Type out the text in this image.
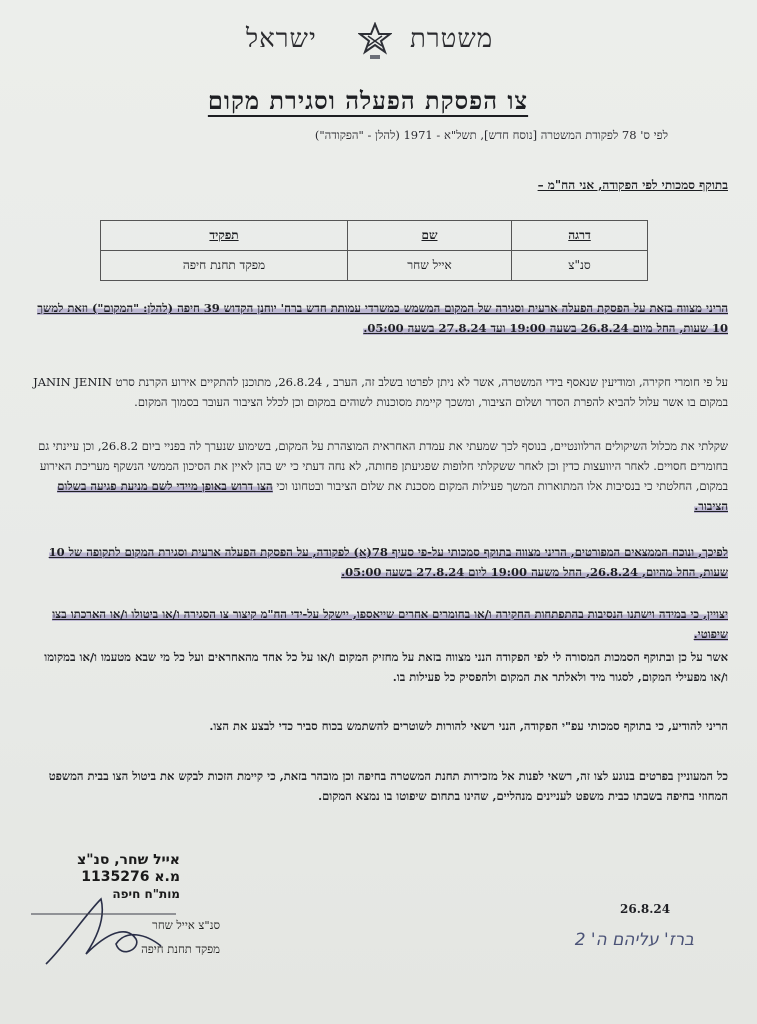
משטרת
ישראל
צו הפסקת הפעלה וסגירת מקום
לפי ס' 78 לפקודת המשטרה [נוסח חדש], תשל"א - 1971 (להלן - "הפקודה")
בתוקף סמכותי לפי הפקודה, אני הח"מ –
דרגה	שם	תפקיד
סנ"צ	אייל שחר	מפקד תחנת חיפה
הריני מצווה בזאת על הפסקת הפעלה ארעית וסגירה של המקום המשמש כמשרדי עמותת חדש ברח' יוחנן הקדוש 39 חיפה (להלן: "המקום") וזאת למשך 10 שעות, החל מיום 26.8.24 בשעה 19:00 ועד 27.8.24 בשעה 05:00.
על פי חומרי חקירה, ומודיעין שנאסף בידי המשטרה, אשר לא ניתן לפרטו בשלב זה, הערב , 26.8.24, מתוכנן להתקיים אירוע הקרנת סרט JANIN JENIN במקום בו אשר עלול להביא להפרת הסדר ושלום הציבור, ומשכך קיימת מסוכנות לשוהים במקום וכן לכלל הציבור העובר בסמוך המקום.
שקלתי את מכלול השיקולים הרלוונטיים, בנוסף לכך שמעתי את עמדת האחראית המוצהרת על המקום, בשימוע שנערך לה בפניי ביום 26.8.2, וכן עיינתי גם בחומרים חסויים. לאחר היוועצות כדין וכן לאחר ששקלתי חלופות שפגיעתן פחותה, לא נחה דעתי כי יש בהן לאיין את הסיכון הממשי הנשקף מעריכת האירוע במקום, החלטתי כי בנסיבות אלו המתוארות המשך פעילות המקום מסכנת את שלום הציבור ובטחונו וכי הצו דרוש באופן מיידי לשם מניעת פגיעה בשלום הציבור.
לפיכך, ונוכח הממצאים המפורטים, הריני מצווה בתוקף סמכותי על-פי סעיף 78(א) לפקודה, על הפסקת הפעלה ארעית וסגירת המקום לתקופה של 10 שעות, החל מהיום, 26.8.24, החל משעה 19:00 ליום 27.8.24 בשעה 05:00.
יצויין, כי במידה וישתנו הנסיבות בהתפתחות החקירה ו/או בחומרים אחרים שייאספו, יישקל על-ידי הח"מ קיצור צו הסגירה ו/או ביטולו ו/או הארכתו בצו שיפוטי.
אשר על כן ובתוקף הסמכות המסורה לי לפי הפקודה הנני מצווה בזאת על מחזיק המקום ו/או על כל אחד מהאחראים ועל כל מי שבא מטעמו ו/או במקומו ו/או מפעילי המקום, לסגור מיד ולאלתר את המקום ולהפסיק כל פעילות בו.
הריני להודיע, כי בתוקף סמכותי עפ"י הפקודה, הנני רשאי להורות לשוטרים להשתמש בכוח סביר כדי לבצע את הצו.
כל המעוניין בפרטים בנוגע לצו זה, רשאי לפנות אל מזכירות תחנת המשטרה בחיפה וכן מובהר בזאת, כי קיימת הזכות לבקש את ביטול הצו בבית המשפט המחוזי בחיפה בשבתו כבית משפט לעניינים מנהליים, שהינו בתחום שיפוטו בו נמצא המקום.
אייל שחר, סנ"צ
מ.א 1135276
מות"ח חיפה
סנ"צ אייל שחר
מפקד תחנת חיפה
26.8.24
ברז' עליהם ה' 2
